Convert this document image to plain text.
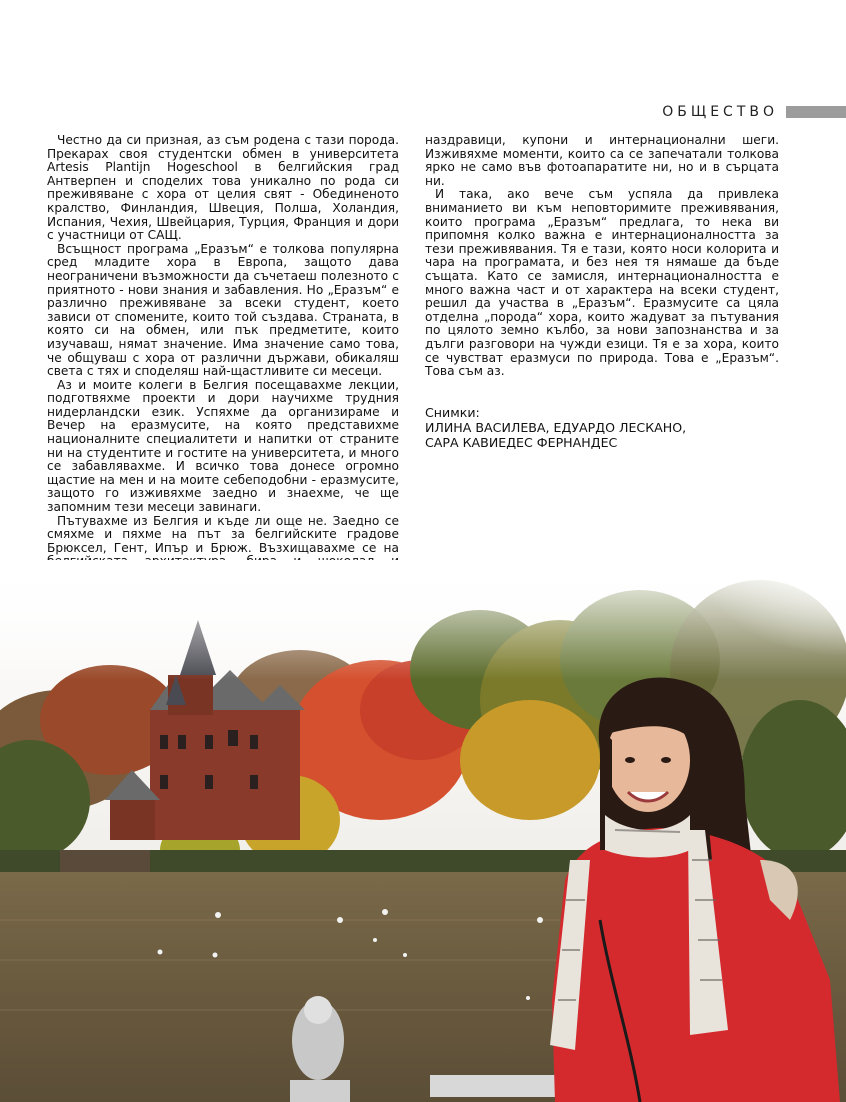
ОБЩЕСТВО

Честно да си призная, аз съм родена с тази порода. Прекарах своя студентски обмен в университета Artesis Plantijn Hogeschool в белгийския град Антверпен и споделих това уникално по рода си преживяване с хора от целия свят - Обединеното кралство, Финландия, Швеция, Полша, Холандия, Испания, Чехия, Швейцария, Турция, Франция и дори с участници от САЩ.

Всъщност програма „Еразъм“ е толкова популярна сред младите хора в Европа, защото дава неограничени възможности да съчетаеш полезното с приятното - нови знания и забавления. Но „Еразъм“ е различно преживяване за всеки студент, което зависи от спомените, които той създава. Страната, в която си на обмен, или пък предметите, които изучаваш, нямат значение. Има значение само това, че общуваш с хора от различни държави, обикаляш света с тях и споделяш най-щастливите си месеци.

Аз и моите колеги в Белгия посещавахме лекции, подготвяхме проекти и дори научихме трудния нидерландски език. Успяхме да организираме и Вечер на еразмусите, на която представихме националните специалитети и напитки от страните ни на студентите и гостите на университета, и много се забавлявахме. И всичко това донесе огромно щастие на мен и на моите себеподобни - еразмусите, защото го изживяхме заедно и знаехме, че ще запомним тези месеци завинаги.

Пътувахме из Белгия и къде ли още не. Заедно се смяхме и пяхме на път за белгийските градове Брюксел, Гент, Ипър и Брюж. Възхищавахме се на

наздравици, купони и интернационални шеги. Изживяхме моменти, които са се запечатали толкова ярко не само във фотоапаратите ни, но и в сърцата ни.

И така, ако вече съм успяла да привлека вниманието ви към неповторимите преживявания, които програма „Еразъм“ предлага, то нека ви припомня колко важна е интернационалността за тези преживявания. Тя е тази, която носи колорита и чара на програмата, и без нея тя нямаше да бъде същата. Като се замисля, интернационалността е много важна част и от характера на всеки студент, решил да участва в „Еразъм“. Еразмусите са цяла отделна „порода“ хора, които жадуват за пътувания по цялото земно кълбо, за нови запознанства и за дълги разговори на чужди езици. Тя е за хора, които се чувстват еразмуси по природа. Това е „Еразъм“. Това съм аз.

Снимки:
ИЛИНА ВАСИЛЕВА, ЕДУАРДО ЛЕСКАНО,
САРА КАВИЕДЕС ФЕРНАНДЕС
